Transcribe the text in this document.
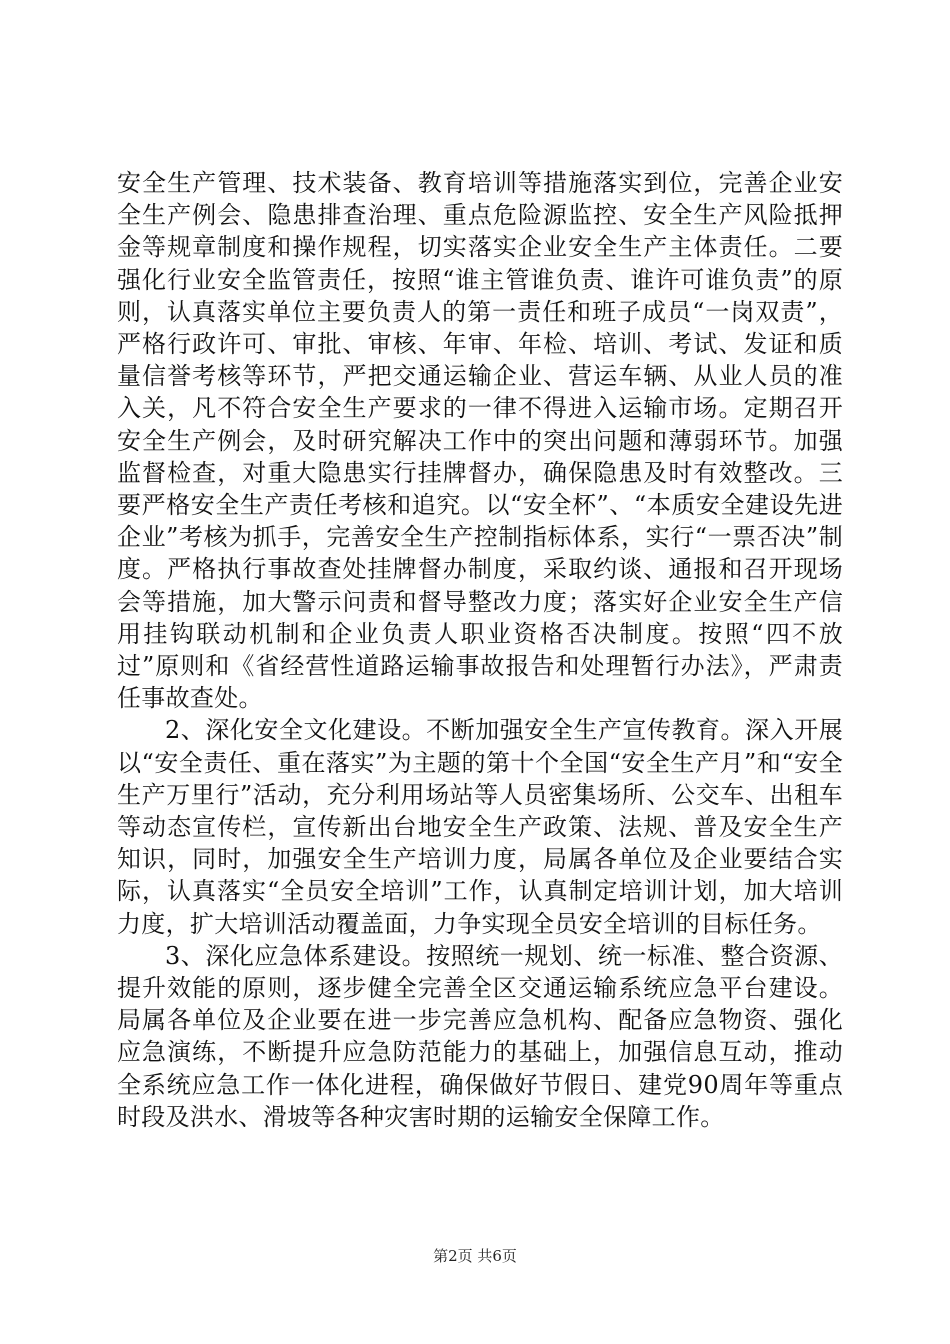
安全生产管理、技术装备、教育培训等措施落实到位，完善企业安全生产例会、隐患排查治理、重点危险源监控、安全生产风险抵押金等规章制度和操作规程，切实落实企业安全生产主体责任。二要强化行业安全监管责任，按照“谁主管谁负责、谁许可谁负责”的原则，认真落实单位主要负责人的第一责任和班子成员“一岗双责”，严格行政许可、审批、审核、年审、年检、培训、考试、发证和质量信誉考核等环节，严把交通运输企业、营运车辆、从业人员的准入关，凡不符合安全生产要求的一律不得进入运输市场。定期召开安全生产例会，及时研究解决工作中的突出问题和薄弱环节。加强监督检查，对重大隐患实行挂牌督办，确保隐患及时有效整改。三要严格安全生产责任考核和追究。以“安全杯”、“本质安全建设先进企业”考核为抓手，完善安全生产控制指标体系，实行“一票否决”制度。严格执行事故查处挂牌督办制度，采取约谈、通报和召开现场会等措施，加大警示问责和督导整改力度；落实好企业安全生产信用挂钩联动机制和企业负责人职业资格否决制度。按照“四不放过”原则和《省经营性道路运输事故报告和处理暂行办法》，严肃责任事故查处。

2、深化安全文化建设。不断加强安全生产宣传教育。深入开展以“安全责任、重在落实”为主题的第十个全国“安全生产月”和“安全生产万里行”活动，充分利用场站等人员密集场所、公交车、出租车等动态宣传栏，宣传新出台地安全生产政策、法规、普及安全生产知识，同时，加强安全生产培训力度，局属各单位及企业要结合实际，认真落实“全员安全培训”工作，认真制定培训计划，加大培训力度，扩大培训活动覆盖面，力争实现全员安全培训的目标任务。

3、深化应急体系建设。按照统一规划、统一标准、整合资源、提升效能的原则，逐步健全完善全区交通运输系统应急平台建设。局属各单位及企业要在进一步完善应急机构、配备应急物资、强化应急演练，不断提升应急防范能力的基础上，加强信息互动，推动全系统应急工作一体化进程，确保做好节假日、建党90周年等重点时段及洪水、滑坡等各种灾害时期的运输安全保障工作。

第2页 共6页
